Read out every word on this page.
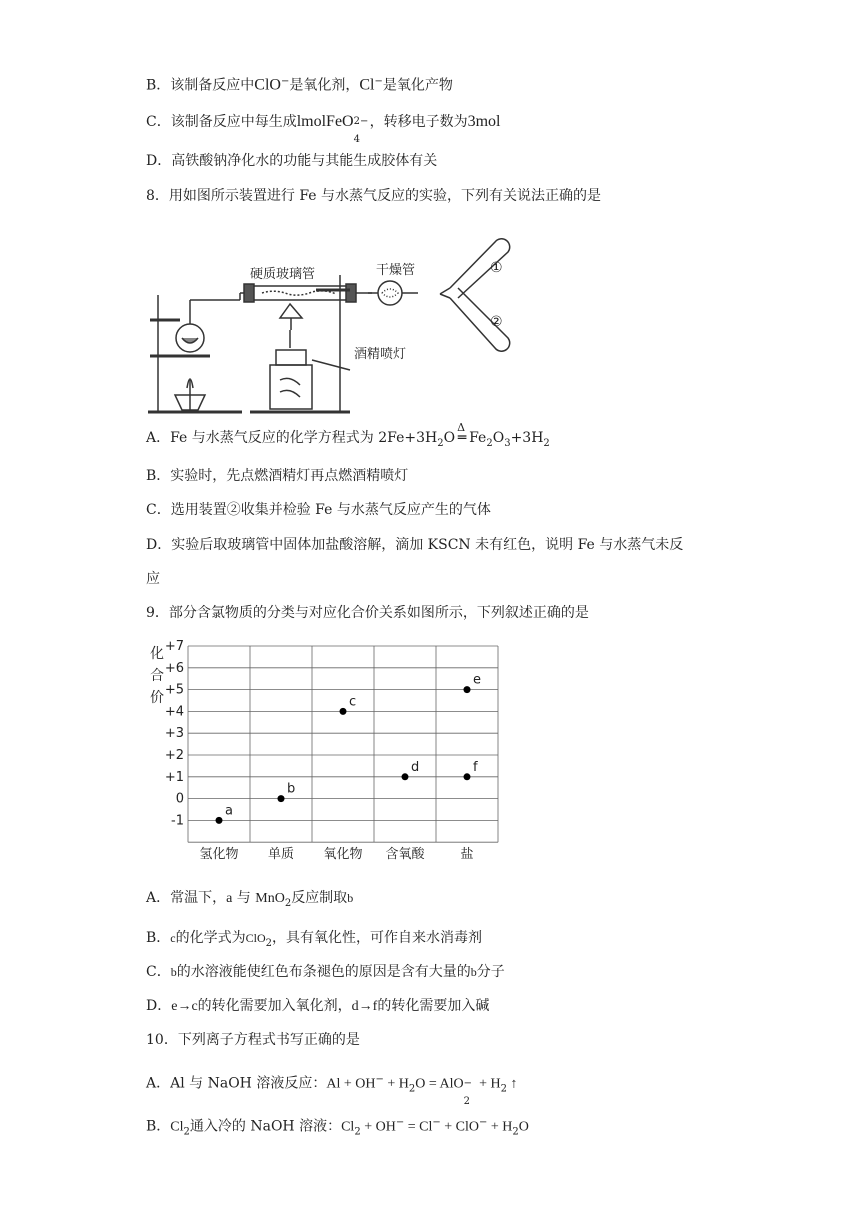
B．该制备反应中ClO−是氧化剂，Cl−是氧化产物
C．该制备反应中每生成lmolFeO 2−
4
，转移电子数为3mol
D．高铁酸钠净化水的功能与其能生成胶体有关
8．用如图所示装置进行 Fe 与水蒸气反应的实验，下列有关说法正确的是
硬质玻璃管	干燥管
酒精喷灯
①
②
A．Fe 与水蒸气反应的化学方程式为 $2Fe+3H_2O$
Δ
═ $Fe_2O_3+3H_2$
B．实验时，先点燃酒精灯再点燃酒精喷灯
C．选用装置②收集并检验 Fe 与水蒸气反应产生的气体
D．实验后取玻璃管中固体加盐酸溶解，滴加 KSCN 未有红色，说明 Fe 与水蒸气未反
应
9．部分含氯物质的分类与对应化合价关系如图所示，下列叙述正确的是
化
合
价
+7
+6
+5
+4
+3
+2
+1
0
-1
氢化物 单质 氧化物 含氧酸	盐
a
b
c
d
e
f
A．常温下，a 与 MnO$_2$反应制取b
B．c的化学式为ClO$_2$，具有氧化性，可作自来水消毒剂
C．b的水溶液能使红色布条褪色的原因是含有大量的b分子
D．e→c的转化需要加入氧化剂，d→f的转化需要加入碱
10．下列离子方程式书写正确的是
A．Al 与 NaOH 溶液反应：$Al + OH^- + H_2O$ = AlO −
2
+ $H_2$ ↑
B．$Cl_2$通入冷的 NaOH 溶液：$Cl_2 + OH^- = Cl^- + ClO^- + H_2O$
